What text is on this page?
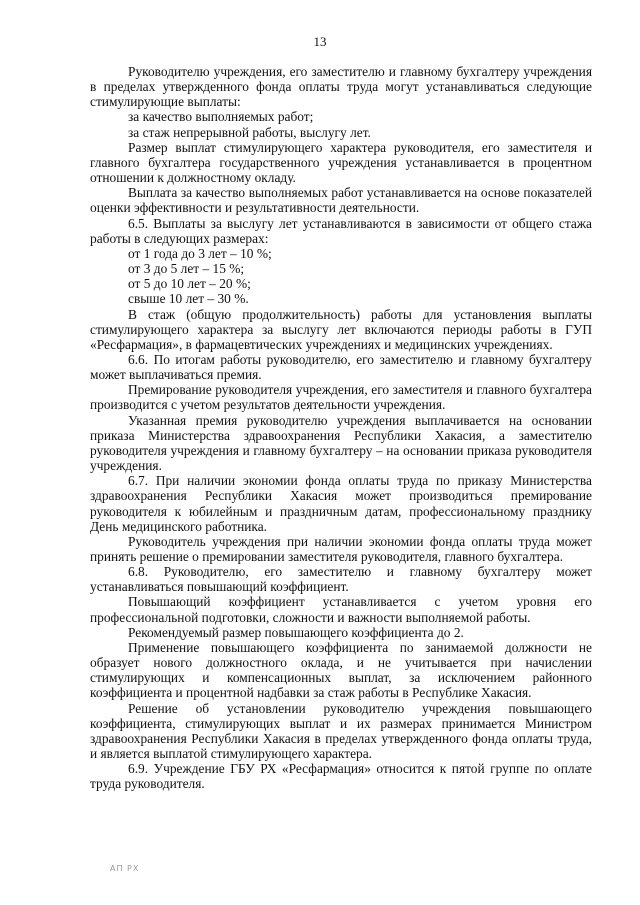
13

Руководителю учреждения, его заместителю и главному бухгалтеру учреждения в пределах утвержденного фонда оплаты труда могут устанавливаться следующие стимулирующие выплаты:

за качество выполняемых работ;

за стаж непрерывной работы, выслугу лет.

Размер выплат стимулирующего характера руководителя, его заместителя и главного бухгалтера государственного учреждения устанавливается в процентном отношении к должностному окладу.

Выплата за качество выполняемых работ устанавливается на основе показателей оценки эффективности и результативности деятельности.

6.5. Выплаты за выслугу лет устанавливаются в зависимости от общего стажа работы в следующих размерах:

от 1 года до 3 лет – 10 %;

от 3 до 5 лет – 15 %;

от 5 до 10 лет – 20 %;

свыше 10 лет – 30 %.

В стаж (общую продолжительность) работы для установления выплаты стимулирующего характера за выслугу лет включаются периоды работы в ГУП «Ресфармация», в фармацевтических учреждениях и медицинских учреждениях.

6.6. По итогам работы руководителю, его заместителю и главному бухгалтеру может выплачиваться премия.

Премирование руководителя учреждения, его заместителя и главного бухгалтера производится с учетом результатов деятельности учреждения.

Указанная премия руководителю учреждения выплачивается на основании приказа Министерства здравоохранения Республики Хакасия, а заместителю руководителя учреждения и главному бухгалтеру – на основании приказа руководителя учреждения.

6.7. При наличии экономии фонда оплаты труда по приказу Министерства здравоохранения Республики Хакасия может производиться премирование руководителя к юбилейным и праздничным датам, профессиональному празднику День медицинского работника.

Руководитель учреждения при наличии экономии фонда оплаты труда может принять решение о премировании заместителя руководителя, главного бухгалтера.

6.8. Руководителю, его заместителю и главному бухгалтеру может устанавливаться повышающий коэффициент.

Повышающий коэффициент устанавливается с учетом уровня его профессиональной подготовки, сложности и важности выполняемой работы.

Рекомендуемый размер повышающего коэффициента до 2.

Применение повышающего коэффициента по занимаемой должности не образует нового должностного оклада, и не учитывается при начислении стимулирующих и компенсационных выплат, за исключением районного коэффициента и процентной надбавки за стаж работы в Республике Хакасия.

Решение об установлении руководителю учреждения повышающего коэффициента, стимулирующих выплат и их размерах принимается Министром здравоохранения Республики Хакасия в пределах утвержденного фонда оплаты труда, и является выплатой стимулирующего характера.

6.9. Учреждение ГБУ РХ «Ресфармация» относится к пятой группе по оплате труда руководителя.

АП РХ
